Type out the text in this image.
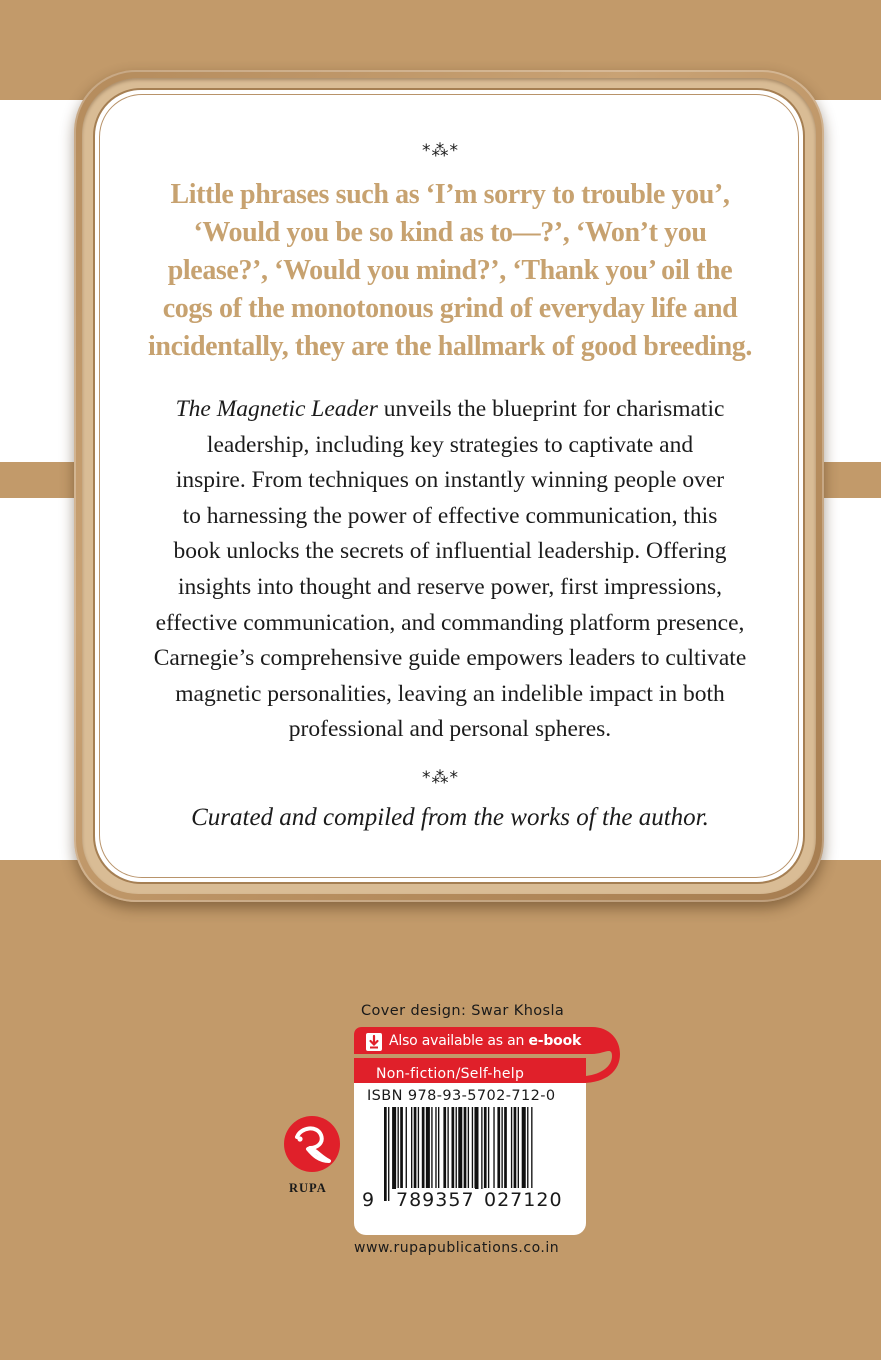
*⁂*
Little phrases such as ‘I’m sorry to trouble you’,
‘Would you be so kind as to—?’, ‘Won’t you
please?’, ‘Would you mind?’, ‘Thank you’ oil the
cogs of the monotonous grind of everyday life and
incidentally, they are the hallmark of good breeding.
The Magnetic Leader unveils the blueprint for charismatic
leadership, including key strategies to captivate and
inspire. From techniques on instantly winning people over
to harnessing the power of effective communication, this
book unlocks the secrets of influential leadership. Offering
insights into thought and reserve power, first impressions,
effective communication, and commanding platform presence,
Carnegie’s comprehensive guide empowers leaders to cultivate
magnetic personalities, leaving an indelible impact in both
professional and personal spheres.
*⁂*
Curated and compiled from the works of the author.
Cover design: Swar Khosla
Also available as an e-book
Non-fiction/Self-help
ISBN 978-93-5702-712-0
9 789357 027120
www.rupapublications.co.in
RUPA
